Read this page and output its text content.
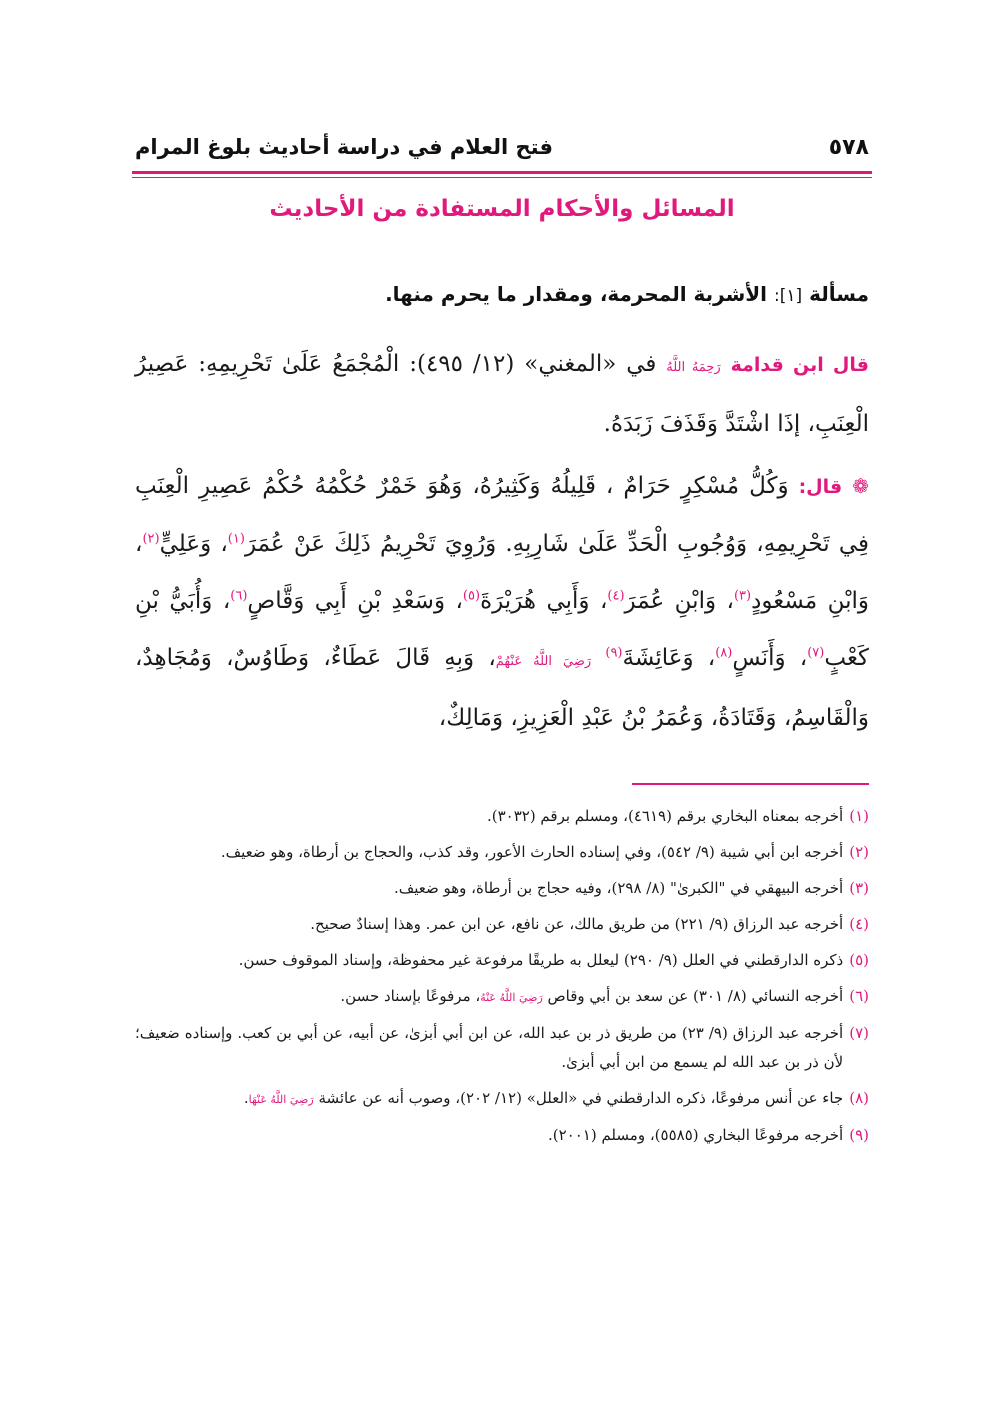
٥٧٨
فتح العلام في دراسة أحاديث بلوغ المرام
المسائل والأحكام المستفادة من الأحاديث
مسألة [١]: الأشربة المحرمة، ومقدار ما يحرم منها.
قال ابن قدامة رَحِمَهُ اللَّهُ في «المغني» (١٢/ ٤٩٥): الْمُجْمَعُ عَلَىٰ تَحْرِيمِهِ: عَصِيرُ الْعِنَبِ، إذَا اشْتَدَّ وَقَذَفَ زَبَدَهُ.
❁ قال: وَكُلُّ مُسْكِرٍ حَرَامٌ ، قَلِيلُهُ وَكَثِيرُهُ، وَهُوَ خَمْرٌ حُكْمُهُ حُكْمُ عَصِيرِ الْعِنَبِ فِي تَحْرِيمِهِ، وَوُجُوبِ الْحَدِّ عَلَىٰ شَارِبِهِ. وَرُوِيَ تَحْرِيمُ ذَلِكَ عَنْ عُمَرَ$^{(١)}$، وَعَلِيٍّ$^{(٢)}$، وَابْنِ مَسْعُودٍ$^{(٣)}$، وَابْنِ عُمَرَ$^{(٤)}$، وَأَبِي هُرَيْرَةَ$^{(٥)}$، وَسَعْدِ بْنِ أَبِي وَقَّاصٍ$^{(٦)}$، وَأُبَيُّ بْنِ كَعْبٍ$^{(٧)}$، وَأَنَسٍ$^{(٨)}$، وَعَائِشَةَ$^{(٩)}$ رَضِيَ اللَّهُ عَنْهُمْ، وَبِهِ قَالَ عَطَاءٌ، وَطَاوُسٌ، وَمُجَاهِدٌ، وَالْقَاسِمُ، وَقَتَادَةُ، وَعُمَرُ بْنُ عَبْدِ الْعَزِيزِ، وَمَالِكٌ،
(١)
أخرجه بمعناه البخاري برقم (٤٦١٩)، ومسلم برقم (٣٠٣٢).
(٢)
أخرجه ابن أبي شيبة (٩/ ٥٤٢)، وفي إسناده الحارث الأعور، وقد كذب، والحجاج بن أرطاة، وهو ضعيف.
(٣)
أخرجه البيهقي في "الكبرىٰ" (٨/ ٢٩٨)، وفيه حجاج بن أرطاة، وهو ضعيف.
(٤)
أخرجه عبد الرزاق (٩/ ٢٢١) من طريق مالك، عن نافع، عن ابن عمر. وهذا إسنادٌ صحيح.
(٥)
ذكره الدارقطني في العلل (٩/ ٢٩٠) ليعلل به طريقًا مرفوعة غير محفوظة، وإسناد الموقوف حسن.
(٦)
أخرجه النسائي (٨/ ٣٠١) عن سعد بن أبي وقاص رَضِيَ اللَّهُ عَنْهُ، مرفوعًا بإسناد حسن.
(٧)
أخرجه عبد الرزاق (٩/ ٢٣) من طريق ذر بن عبد الله، عن ابن أبي أبزىٰ، عن أبيه، عن أبي بن كعب. وإسناده ضعيف؛ لأن ذر بن عبد الله لم يسمع من ابن أبي أبزىٰ.
(٨)
جاء عن أنس مرفوعًا، ذكره الدارقطني في «العلل» (١٢/ ٢٠٢)، وصوب أنه عن عائشة رَضِيَ اللَّهُ عَنْهَا.
(٩)
أخرجه مرفوعًا البخاري (٥٥٨٥)، ومسلم (٢٠٠١).
